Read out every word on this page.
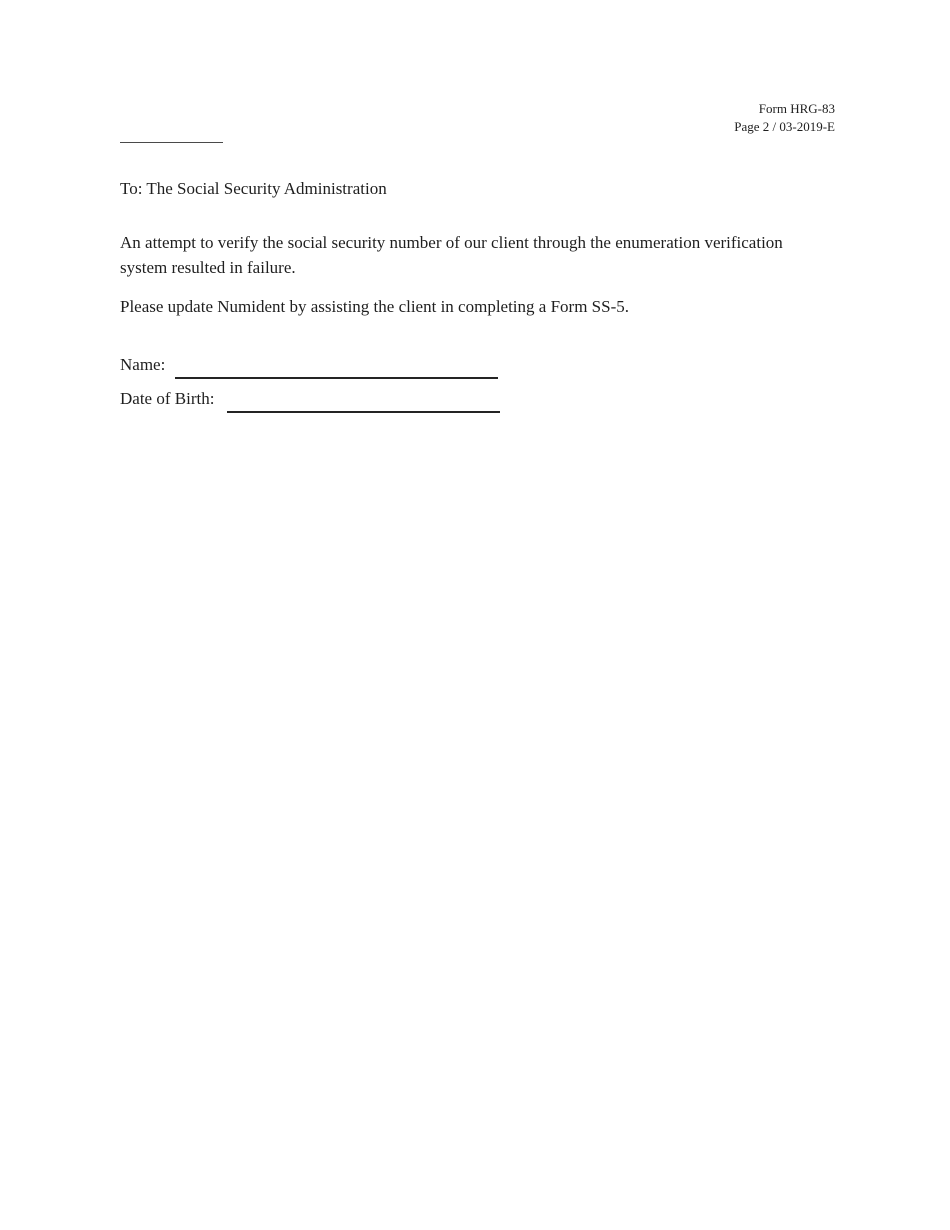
Form HRG-83
Page 2 / 03-2019-E
To: The Social Security Administration
An attempt to verify the social security number of our client through the enumeration verification system resulted in failure.
Please update Numident by assisting the client in completing a Form SS-5.
Name:
Date of Birth:
